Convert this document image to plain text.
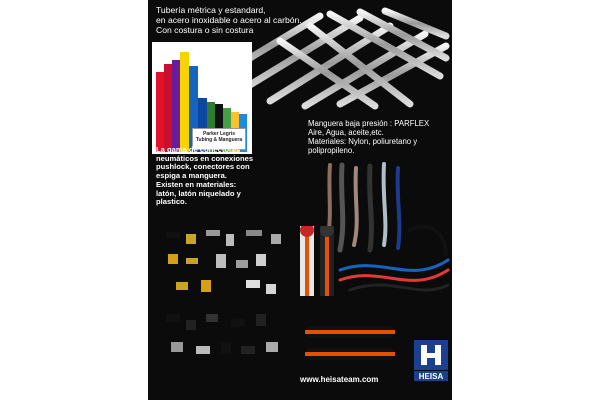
Tubería métrica y estandard,
en acero inoxidable o acero al carbón.
Con costura o sin costura
Parker Legris
Tubing & Manguera
Manguera baja presión : PARFLEX
Aire, Agua, aceite,etc.
Materiales: Nylon, poliuretano y
polipropileno.
La gama de conectores
neumáticos en conexiones
pushlock, conectores con
espiga a manguera.
Existen en materiales:
latón, latón niquelado y
plastico.
HEISA
www.heisateam.com
